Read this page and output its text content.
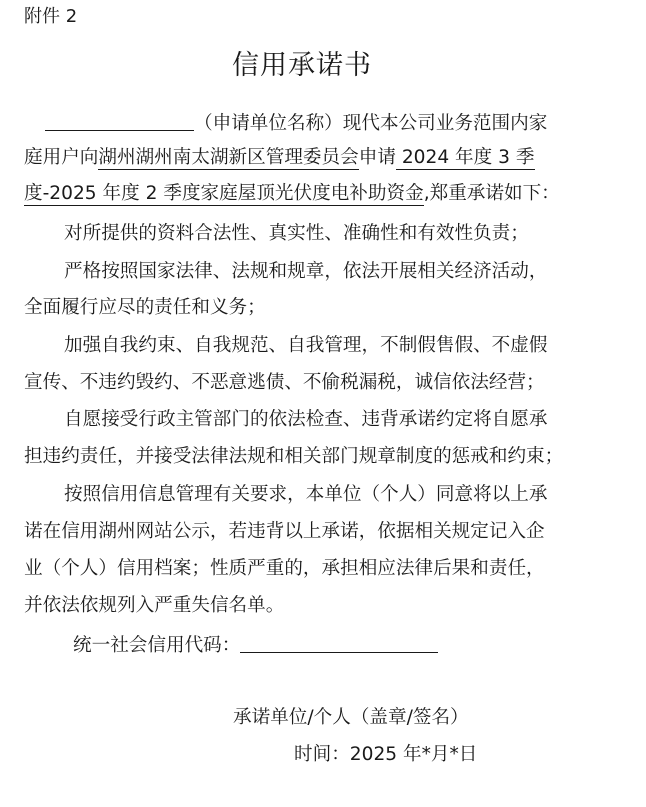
附件 2
信用承诺书
（申请单位名称）现代本公司业务范围内家
庭用户向湖州湖州南太湖新区管理委员会申请 2024 年度 3 季
度-2025 年度 2 季度家庭屋顶光伏度电补助资金,郑重承诺如下：
对所提供的资料合法性、真实性、准确性和有效性负责；
严格按照国家法律、法规和规章，依法开展相关经济活动，
全面履行应尽的责任和义务；
加强自我约束、自我规范、自我管理，不制假售假、不虚假
宣传、不违约毁约、不恶意逃债、不偷税漏税，诚信依法经营；
自愿接受行政主管部门的依法检查、违背承诺约定将自愿承
担违约责任，并接受法律法规和相关部门规章制度的惩戒和约束；
按照信用信息管理有关要求，本单位（个人）同意将以上承
诺在信用湖州网站公示，若违背以上承诺，依据相关规定记入企
业（个人）信用档案；性质严重的，承担相应法律后果和责任，
并依法依规列入严重失信名单。
统一社会信用代码：
承诺单位/个人（盖章/签名）
时间：2025 年*月*日
